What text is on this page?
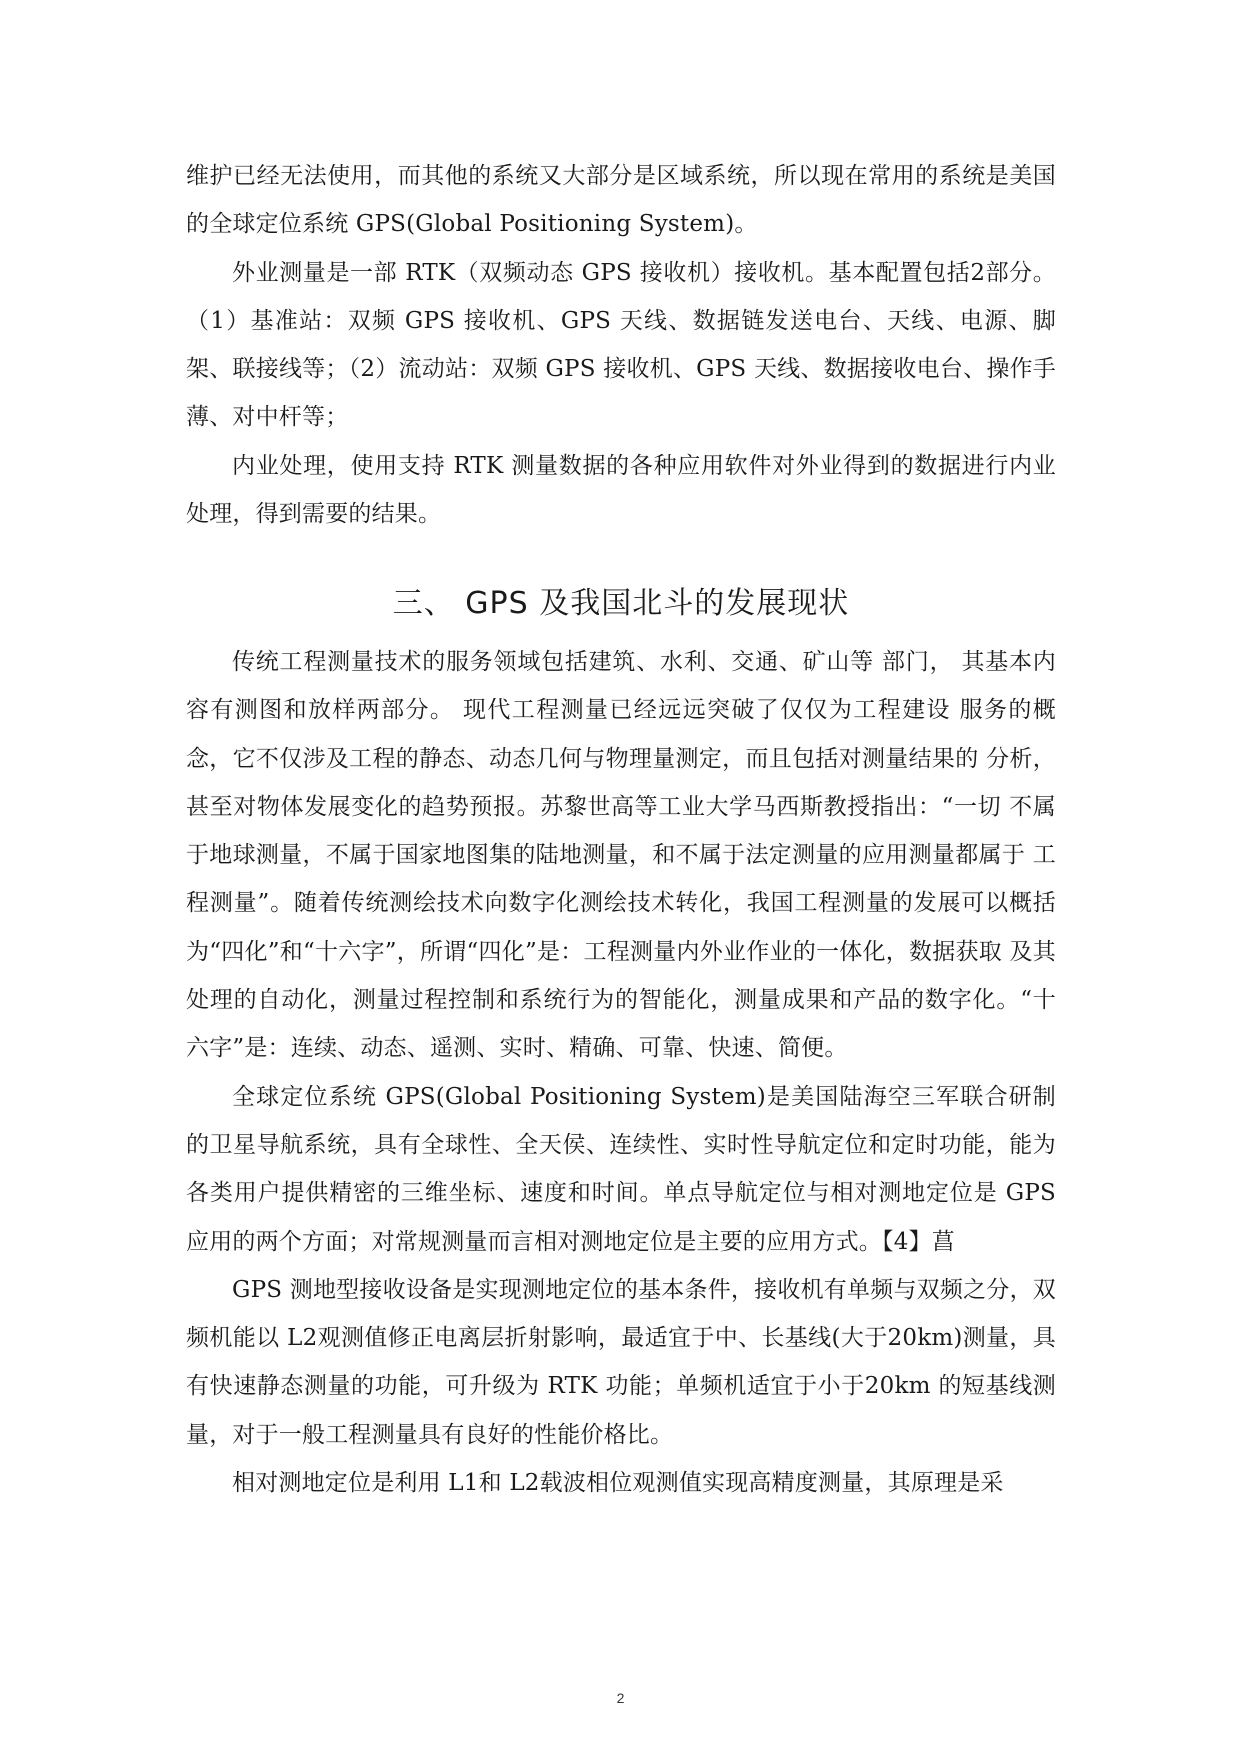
维护已经无法使用，而其他的系统又大部分是区域系统，所以现在常用的系统是美国的全球定位系统 GPS(Global Positioning System)。

外业测量是一部 RTK（双频动态 GPS 接收机）接收机。基本配置包括2部分。（1）基准站：双频 GPS 接收机、GPS 天线、数据链发送电台、天线、电源、脚架、联接线等；（2）流动站：双频 GPS 接收机、GPS 天线、数据接收电台、操作手薄、对中杆等；

内业处理，使用支持 RTK 测量数据的各种应用软件对外业得到的数据进行内业处理，得到需要的结果。

三、 GPS 及我国北斗的发展现状

传统工程测量技术的服务领域包括建筑、水利、交通、矿山等 部门， 其基本内容有测图和放样两部分。 现代工程测量已经远远突破了仅仅为工程建设 服务的概念，它不仅涉及工程的静态、动态几何与物理量测定，而且包括对测量结果的 分析，甚至对物体发展变化的趋势预报。苏黎世高等工业大学马西斯教授指出：“一切 不属于地球测量，不属于国家地图集的陆地测量，和不属于法定测量的应用测量都属于 工程测量”。随着传统测绘技术向数字化测绘技术转化，我国工程测量的发展可以概括为“四化”和“十六字”，所谓“四化”是：工程测量内外业作业的一体化，数据获取 及其处理的自动化，测量过程控制和系统行为的智能化，测量成果和产品的数字化。“十六字”是：连续、动态、遥测、实时、精确、可靠、快速、简便。

全球定位系统 GPS(Global Positioning System)是美国陆海空三军联合研制的卫星导航系统，具有全球性、全天侯、连续性、实时性导航定位和定时功能，能为各类用户提供精密的三维坐标、速度和时间。单点导航定位与相对测地定位是 GPS 应用的两个方面；对常规测量而言相对测地定位是主要的应用方式。【4】菖

GPS 测地型接收设备是实现测地定位的基本条件，接收机有单频与双频之分，双频机能以 L2观测值修正电离层折射影响，最适宜于中、长基线(大于20km)测量，具有快速静态测量的功能，可升级为 RTK 功能；单频机适宜于小于20km 的短基线测量，对于一般工程测量具有良好的性能价格比。

相对测地定位是利用 L1和 L2载波相位观测值实现高精度测量，其原理是采

2
